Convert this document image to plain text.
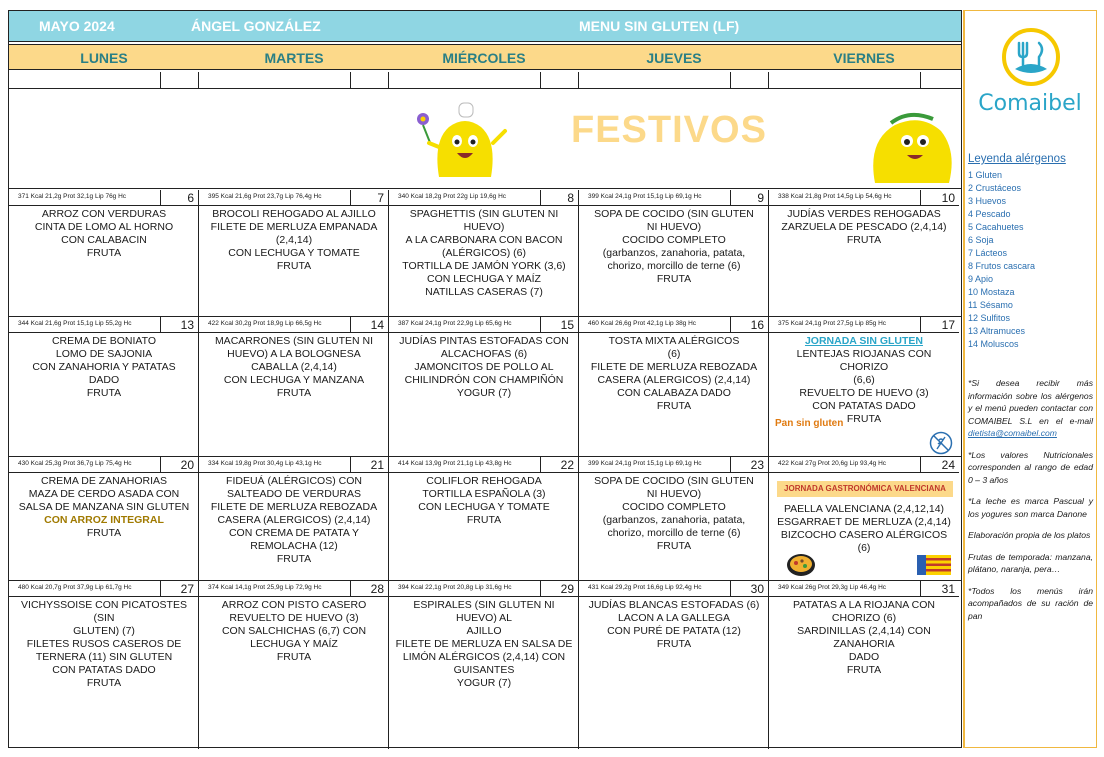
MAYO 2024	ÁNGEL GONZÁLEZ	MENU SIN GLUTEN (LF)
LUNES	MARTES	MIÉRCOLES	JUEVES	VIERNES
FESTIVOS
371 Kcal 21,2g Prot 32,1g Lip 76g Hc	6
ARROZ CON VERDURAS
CINTA DE LOMO AL HORNO
CON CALABACIN
FRUTA
395 Kcal 21,6g Prot 23,7g Lip 76,4g Hc	7
BROCOLI REHOGADO AL AJILLO
FILETE DE MERLUZA EMPANADA
(2,4,14)
CON LECHUGA Y TOMATE
FRUTA
340 Kcal 18,2g Prot 22g Lip 19,6g Hc	8
SPAGHETTIS (SIN GLUTEN NI HUEVO)
A LA CARBONARA CON BACON
(ALÉRGICOS) (6)
TORTILLA DE JAMÓN YORK (3,6)
CON LECHUGA Y MAÍZ
NATILLAS CASERAS (7)
399 Kcal 24,1g Prot 15,1g Lip 69,1g Hc	9
SOPA DE COCIDO (SIN GLUTEN
NI HUEVO)
COCIDO COMPLETO
(garbanzos, zanahoria, patata,
chorizo, morcillo de terne (6)
FRUTA
338 Kcal 21,8g Prot 14,5g Lip 54,6g Hc	10
JUDÍAS VERDES REHOGADAS
ZARZUELA DE PESCADO (2,4,14)
FRUTA
344 Kcal 21,6g Prot 15,1g Lip 55,2g Hc	13
CREMA DE BONIATO
LOMO DE SAJONIA
CON ZANAHORIA Y PATATAS
DADO
FRUTA
422 Kcal 30,2g Prot 18,9g Lip 66,5g Hc	14
MACARRONES (SIN GLUTEN NI
HUEVO) A LA BOLOGNESA
CABALLA (2,4,14)
CON LECHUGA Y MANZANA
FRUTA
387 Kcal 24,1g Prot 22,9g Lip 65,6g Hc	15
JUDÍAS PINTAS ESTOFADAS CON
ALCACHOFAS (6)
JAMONCITOS DE POLLO AL
CHILINDRÓN CON CHAMPIÑÓN
YOGUR (7)
460 Kcal 26,6g Prot 42,1g Lip 38g Hc	16
TOSTA MIXTA ALÉRGICOS
(6)
FILETE DE MERLUZA REBOZADA
CASERA (ALERGICOS) (2,4,14)
CON CALABAZA DADO
FRUTA
375 Kcal 24,1g Prot 27,5g Lip 85g Hc	17
JORNADA SIN GLUTEN
LENTEJAS RIOJANAS CON CHORIZO
(6,6)
REVUELTO DE HUEVO (3)
CON PATATAS DADO
FRUTA
Pan sin gluten
430 Kcal 25,3g Prot 36,7g Lip 75,4g Hc	20
CREMA DE ZANAHORIAS
MAZA DE CERDO ASADA CON
SALSA DE MANZANA SIN GLUTEN
CON ARROZ INTEGRAL
FRUTA
334 Kcal 19,8g Prot 30,4g Lip 43,1g Hc	21
FIDEUÁ (ALÉRGICOS) CON
SALTEADO DE VERDURAS
FILETE DE MERLUZA REBOZADA
CASERA (ALERGICOS) (2,4,14)
CON CREMA DE PATATA Y
REMOLACHA (12)
FRUTA
414 Kcal 13,9g Prot 21,1g Lip 43,8g Hc	22
COLIFLOR REHOGADA
TORTILLA ESPAÑOLA (3)
CON LECHUGA Y TOMATE
FRUTA
399 Kcal 24,1g Prot 15,1g Lip 69,1g Hc	23
SOPA DE COCIDO (SIN GLUTEN
NI HUEVO)
COCIDO COMPLETO
(garbanzos, zanahoria, patata,
chorizo, morcillo de terne (6)
FRUTA
422 Kcal 27g Prot 20,6g Lip 93,4g Hc	24
JORNADA GASTRONÓMICA VALENCIANA
PAELLA VALENCIANA (2,4,12,14)
ESGARRAET DE MERLUZA (2,4,14)
BIZCOCHO CASERO ALÉRGICOS (6)
480 Kcal 20,7g Prot 37,9g Lip 61,7g Hc	27
VICHYSSOISE CON PICATOSTES (SIN
GLUTEN) (7)
FILETES RUSOS CASEROS DE
TERNERA (11) SIN GLUTEN
CON PATATAS DADO
FRUTA
374 Kcal 14,1g Prot 25,9g Lip 72,9g Hc	28
ARROZ CON PISTO CASERO
REVUELTO DE HUEVO (3)
CON SALCHICHAS (6,7) CON
LECHUGA Y MAÍZ
FRUTA
394 Kcal 22,1g Prot 20,8g Lip 31,6g Hc	29
ESPIRALES (SIN GLUTEN NI HUEVO) AL
AJILLO
FILETE DE MERLUZA EN SALSA DE
LIMÓN ALÉRGICOS (2,4,14) CON
GUISANTES
YOGUR (7)
431 Kcal 29,2g Prot 16,6g Lip 92,4g Hc	30
JUDÍAS BLANCAS ESTOFADAS (6)
LACON A LA GALLEGA
CON PURÉ DE PATATA (12)
FRUTA
349 Kcal 26g Prot 29,3g Lip 46,4g Hc	31
PATATAS A LA RIOJANA CON
CHORIZO (6)
SARDINILLAS (2,4,14) CON ZANAHORIA
DADO
FRUTA
Comaibel
Leyenda alérgenos
1 Gluten
2 Crustáceos
3 Huevos
4 Pescado
5 Cacahuetes
6 Soja
7 Lácteos
8 Frutos cascara
9 Apio
10 Mostaza
11 Sésamo
12 Sulfitos
13 Altramuces
14 Moluscos

*Si desea recibir más información sobre los alérgenos y el menú pueden contactar con COMAIBEL S.L en el e-mail dietista@comaibel.com

*Los valores Nutricionales corresponden al rango de edad 0 – 3 años

*La leche es marca Pascual y los yogures son marca Danone

Elaboración propia de los platos

Frutas de temporada: manzana, plátano, naranja, pera…

*Todos los menús irán acompañados de su ración de pan
